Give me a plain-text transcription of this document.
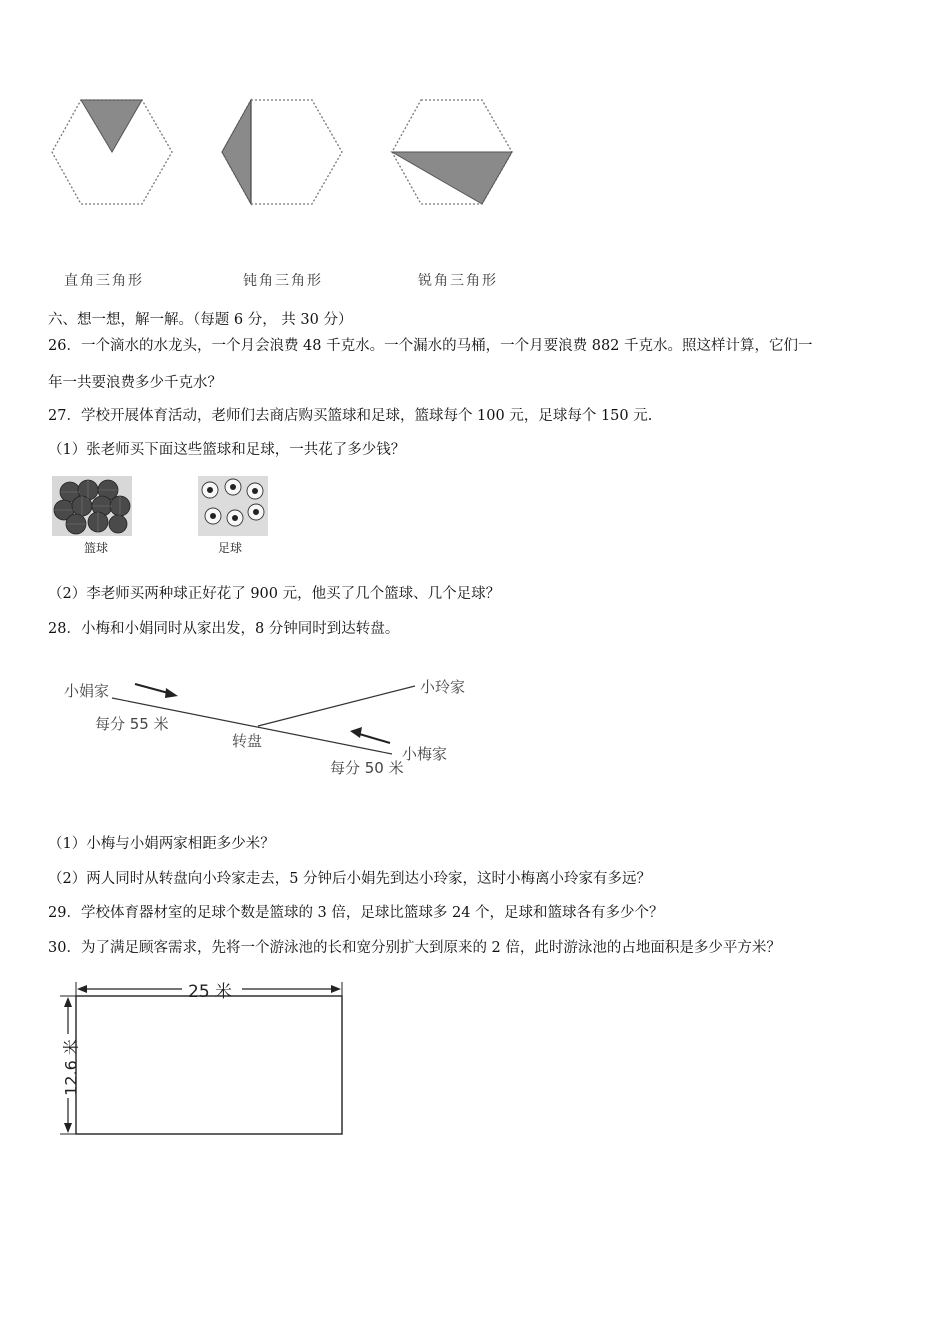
直角三角形	钝角三角形	锐角三角形
六、想一想，解一解。（每题 6 分， 共 30 分）
26．一个滴水的水龙头，一个月会浪费 48 千克水。一个漏水的马桶，一个月要浪费 882 千克水。照这样计算，它们一
年一共要浪费多少千克水？
27．学校开展体育活动，老师们去商店购买篮球和足球，篮球每个 100 元，足球每个 150 元.
（1）张老师买下面这些篮球和足球，一共花了多少钱？
篮球	足球
（2）李老师买两种球正好花了 900 元，他买了几个篮球、几个足球？
28．小梅和小娟同时从家出发，8 分钟同时到达转盘。
小娟家	小玲家
每分 55 米
转盘
小梅家
每分 50 米
（1）小梅与小娟两家相距多少米？
（2）两人同时从转盘向小玲家走去，5 分钟后小娟先到达小玲家，这时小梅离小玲家有多远？
29．学校体育器材室的足球个数是篮球的 3 倍，足球比篮球多 24 个，足球和篮球各有多少个？
30．为了满足顾客需求，先将一个游泳池的长和宽分别扩大到原来的 2 倍，此时游泳池的占地面积是多少平方米？
25 米
12.6 米
